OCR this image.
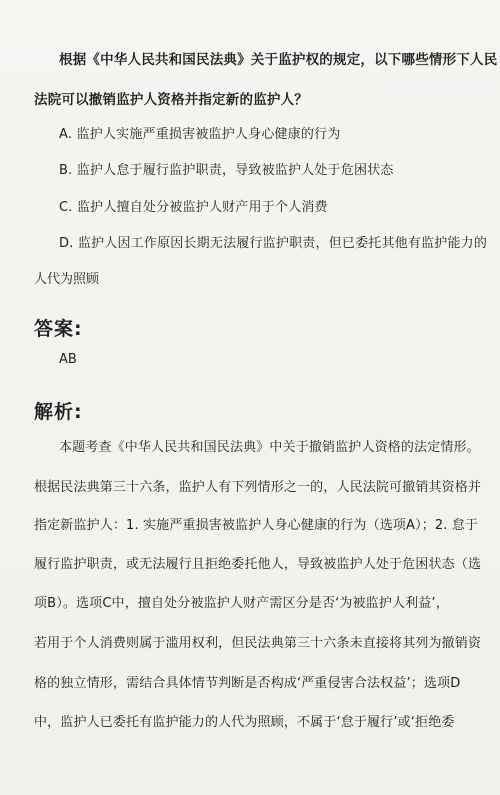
根据《中华人民共和国民法典》关于监护权的规定，以下哪些情形下人民
法院可以撤销监护人资格并指定新的监护人？
A. 监护人实施严重损害被监护人身心健康的行为
B. 监护人怠于履行监护职责，导致被监护人处于危困状态
C. 监护人擅自处分被监护人财产用于个人消费
D. 监护人因工作原因长期无法履行监护职责，但已委托其他有监护能力的
人代为照顾
答案:
AB
解析:
本题考查《中华人民共和国民法典》中关于撤销监护人资格的法定情形。
根据民法典第三十六条，监护人有下列情形之一的，人民法院可撤销其资格并
指定新监护人：1. 实施严重损害被监护人身心健康的行为（选项A）；2. 怠于
履行监护职责，或无法履行且拒绝委托他人，导致被监护人处于危困状态（选
项B）。选项C中，擅自处分被监护人财产需区分是否‘为被监护人利益’，
若用于个人消费则属于滥用权利，但民法典第三十六条未直接将其列为撤销资
格的独立情形，需结合具体情节判断是否构成‘严重侵害合法权益’；选项D
中，监护人已委托有监护能力的人代为照顾，不属于‘怠于履行’或‘拒绝委
